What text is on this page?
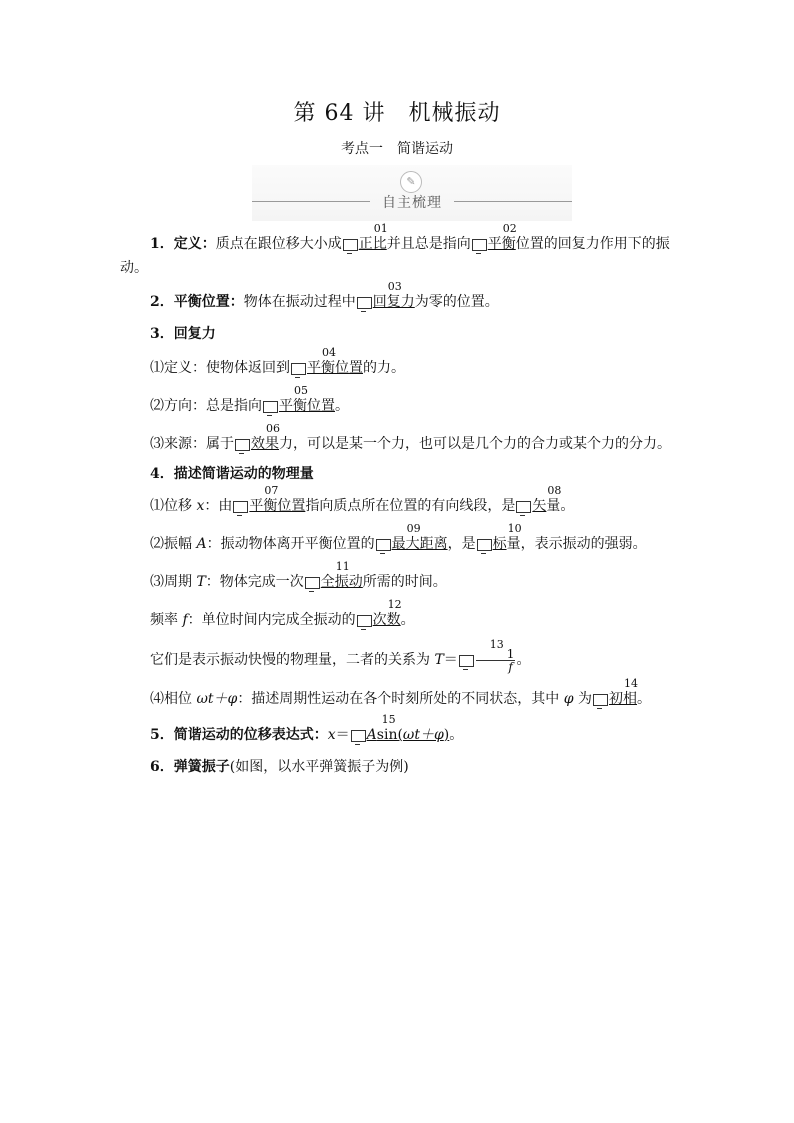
第 64 讲　机械振动
考点一　简谐运动
✎
自主梳理

1．定义：质点在跟位移大小成
01
正比并且总是指向
02
平衡位置的回复力作用下的振动。

2．平衡位置：物体在振动过程中
03
回复力为零的位置。

3．回复力

⑴定义：使物体返回到
04
平衡位置的力。

⑵方向：总是指向
05
平衡位置。

⑶来源：属于
06
效果力，可以是某一个力，也可以是几个力的合力或某个力的分力。

4．描述简谐运动的物理量

⑴位移 x：由
07
平衡位置指向质点所在位置的有向线段，是
08
矢量。

⑵振幅 A：振动物体离开平衡位置的
09
最大距离，是
10
标量，表示振动的强弱。

⑶周期 T：物体完成一次
11
全振动所需的时间。

频率 f：单位时间内完成全振动的
12
次数。

它们是表示振动快慢的物理量，二者的关系为 T＝
13
$\frac{1}{f}$ 。

⑷相位 ωt＋φ：描述周期性运动在各个时刻所处的不同状态，其中 φ 为
14
初相。

5．简谐运动的位移表达式：x＝
15
Asin(ωt＋φ)。

6．弹簧振子(如图，以水平弹簧振子为例)
